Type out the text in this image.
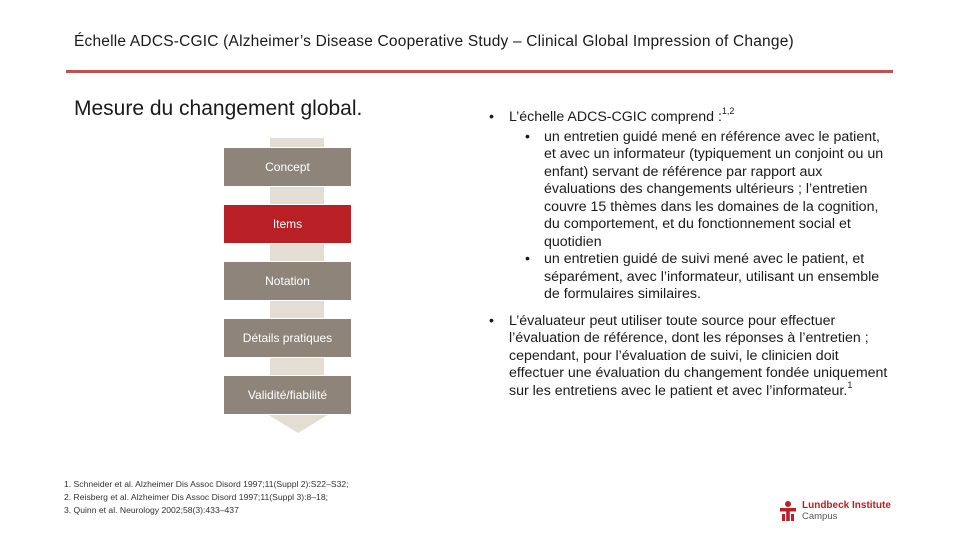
Échelle ADCS-CGIC (Alzheimer’s Disease Cooperative Study – Clinical Global Impression of Change)
Mesure du changement global.
Concept
Items
Notation
Détails pratiques
Validité/fiabilité
• L’échelle ADCS-CGIC comprend :$^{1,2}$
• un entretien guidé mené en référence avec le patient, et avec un informateur (typiquement un conjoint ou un enfant) servant de référence par rapport aux évaluations des changements ultérieurs ; l’entretien couvre 15 thèmes dans les domaines de la cognition, du comportement, et du fonctionnement social et quotidien
• un entretien guidé de suivi mené avec le patient, et séparément, avec l’informateur, utilisant un ensemble de formulaires similaires.
• L’évaluateur peut utiliser toute source pour effectuer l’évaluation de référence, dont les réponses à l’entretien ; cependant, pour l’évaluation de suivi, le clinicien doit effectuer une évaluation du changement fondée uniquement sur les entretiens avec le patient et avec l’informateur.$^1$
1. Schneider et al. Alzheimer Dis Assoc Disord 1997;11(Suppl 2):S22–S32;
2. Reisberg et al. Alzheimer Dis Assoc Disord 1997;11(Suppl 3):8–18;
3. Quinn et al. Neurology 2002;58(3):433–437	Lundbeck Institute
Campus
